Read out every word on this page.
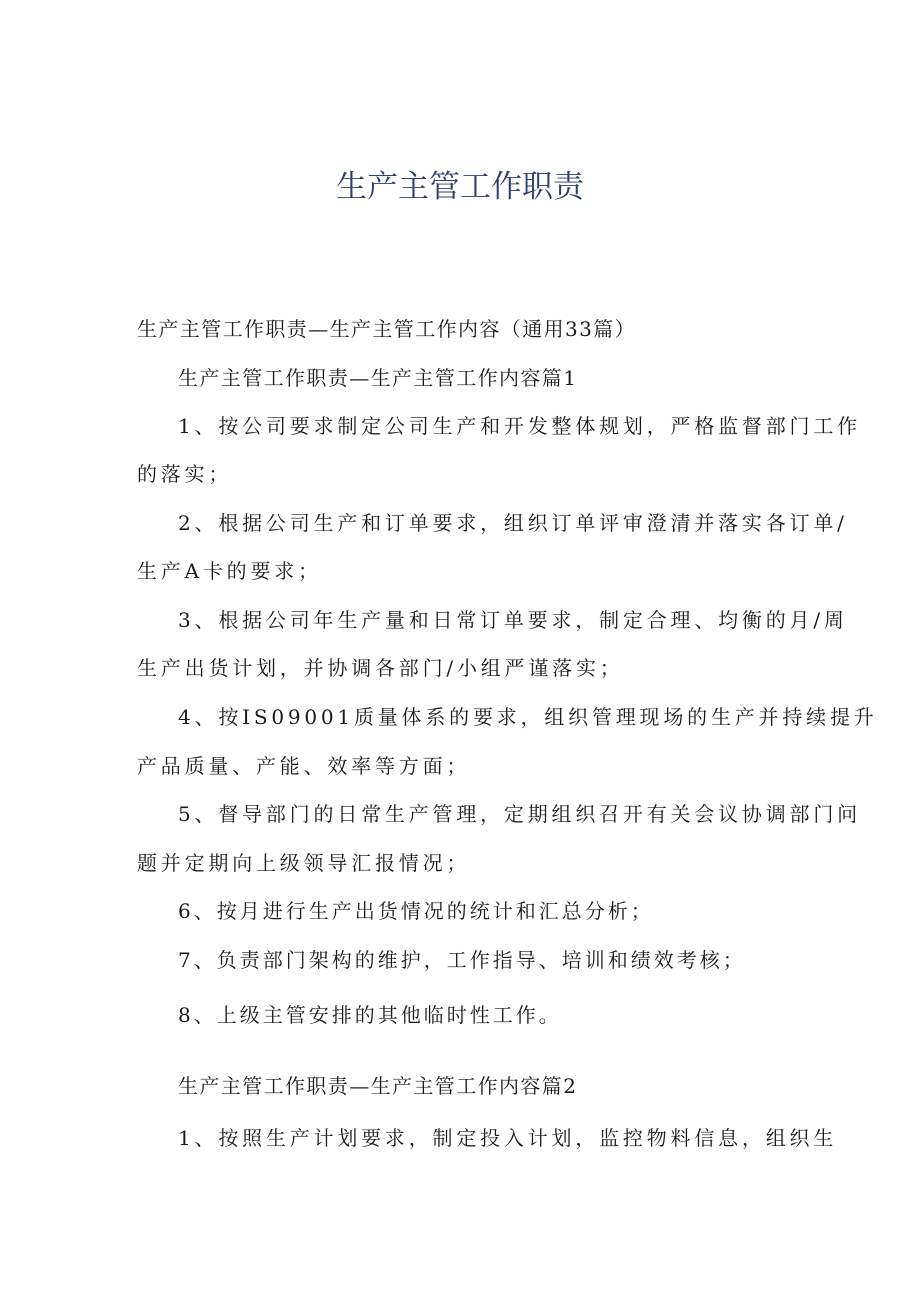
生产主管工作职责

生产主管工作职责—生产主管工作内容（通用33篇）

生产主管工作职责—生产主管工作内容篇1

1、按公司要求制定公司生产和开发整体规划，严格监督部门工作

的落实；

2、根据公司生产和订单要求，组织订单评审澄清并落实各订单/

生产A卡的要求；

3、根据公司年生产量和日常订单要求，制定合理、均衡的月/周

生产出货计划，并协调各部门/小组严谨落实；

4、按IS09001质量体系的要求，组织管理现场的生产并持续提升

产品质量、产能、效率等方面；

5、督导部门的日常生产管理，定期组织召开有关会议协调部门问

题并定期向上级领导汇报情况；

6、按月进行生产出货情况的统计和汇总分析；

7、负责部门架构的维护，工作指导、培训和绩效考核；

8、上级主管安排的其他临时性工作。

生产主管工作职责—生产主管工作内容篇2

1、按照生产计划要求，制定投入计划，监控物料信息，组织生
